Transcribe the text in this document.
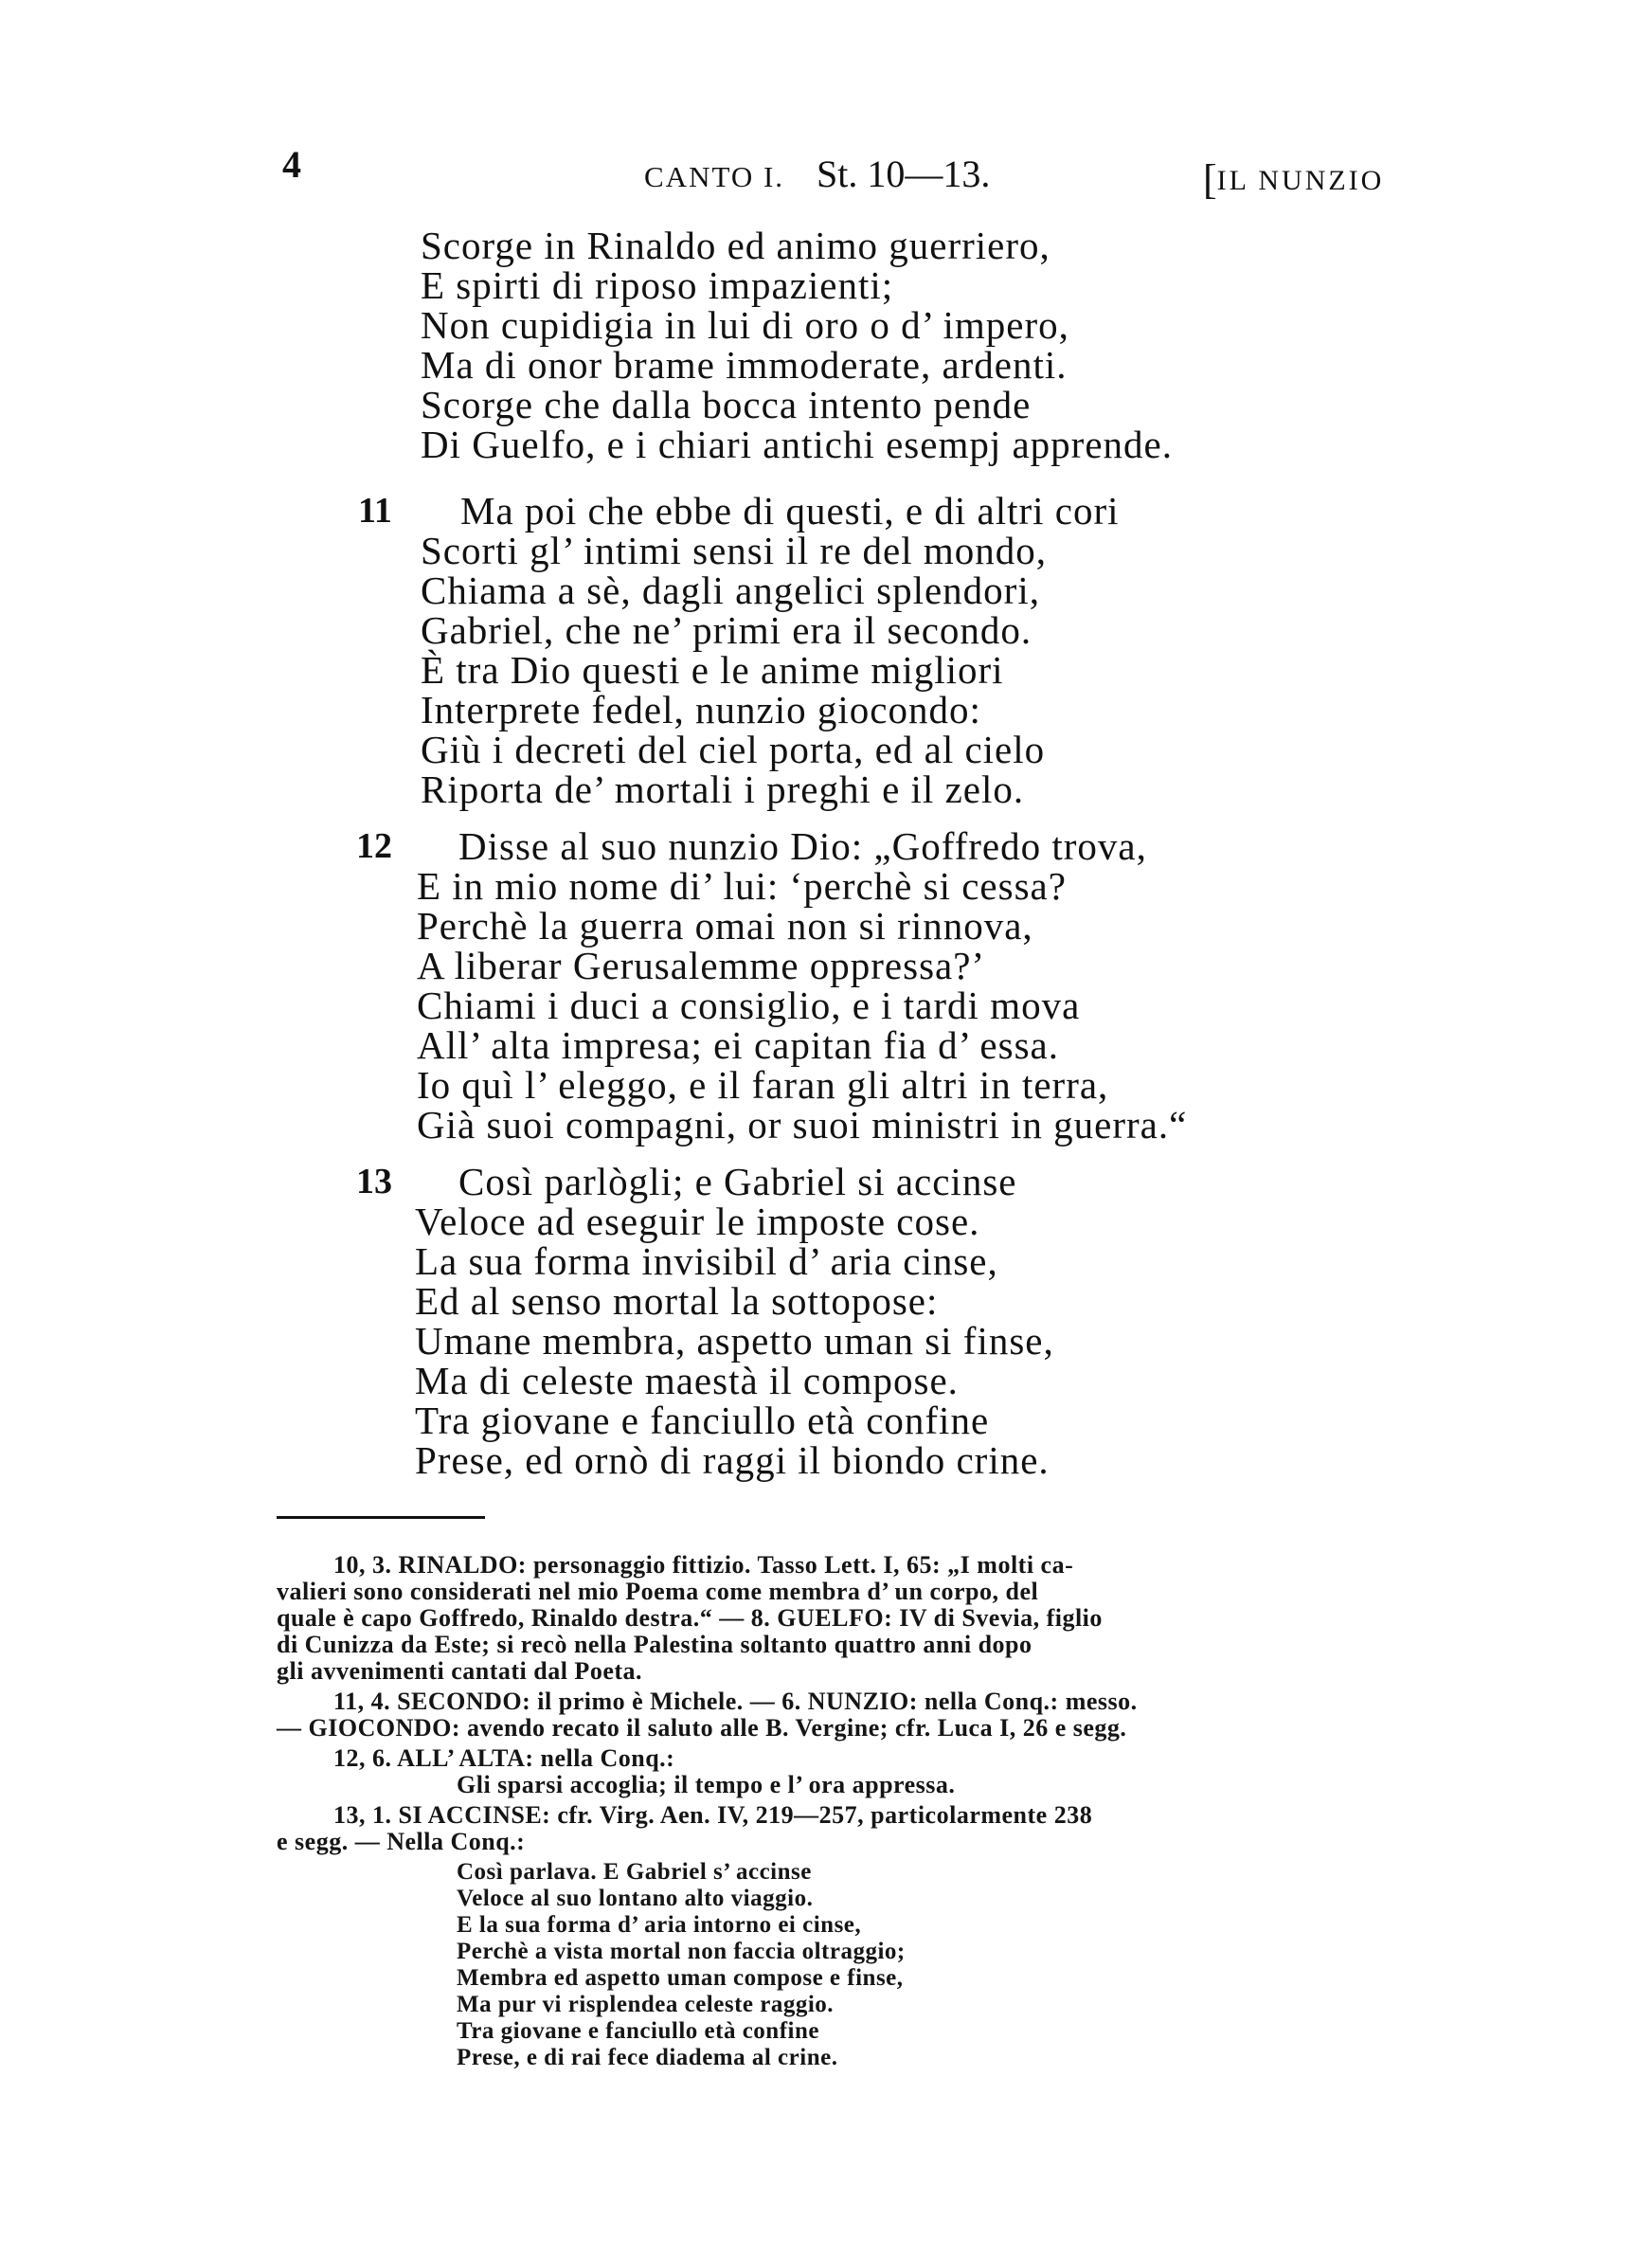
4	CANTO I. St. 10—13.	[IL NUNZIO
Scorge in Rinaldo ed animo guerriero,
E spirti di riposo impazienti;
Non cupidigia in lui di oro o d’ impero,
Ma di onor brame immoderate, ardenti.
Scorge che dalla bocca intento pende
Di Guelfo, e i chiari antichi esempj apprende.
11 Ma poi che ebbe di questi, e di altri cori
Scorti gl’ intimi sensi il re del mondo,
Chiama a sè, dagli angelici splendori,
Gabriel, che ne’ primi era il secondo.
È tra Dio questi e le anime migliori
Interprete fedel, nunzio giocondo:
Giù i decreti del ciel porta, ed al cielo
Riporta de’ mortali i preghi e il zelo.
12 Disse al suo nunzio Dio: „Goffredo trova,
E in mio nome di’ lui: ‘perchè si cessa?
Perchè la guerra omai non si rinnova,
A liberar Gerusalemme oppressa?’
Chiami i duci a consiglio, e i tardi mova
All’ alta impresa; ei capitan fia d’ essa.
Io quì l’ eleggo, e il faran gli altri in terra,
Già suoi compagni, or suoi ministri in guerra.“
13 Così parlògli; e Gabriel si accinse
Veloce ad eseguir le imposte cose.
La sua forma invisibil d’ aria cinse,
Ed al senso mortal la sottopose:
Umane membra, aspetto uman si finse,
Ma di celeste maestà il compose.
Tra giovane e fanciullo età confine
Prese, ed ornò di raggi il biondo crine.
10, 3. RINALDO: personaggio fittizio. Tasso Lett. I, 65: „I molti ca-
valieri sono considerati nel mio Poema come membra d’ un corpo, del
quale è capo Goffredo, Rinaldo destra.“ — 8. GUELFO: IV di Svevia, figlio
di Cunizza da Este; si recò nella Palestina soltanto quattro anni dopo
gli avvenimenti cantati dal Poeta.
11, 4. SECONDO: il primo è Michele. — 6. NUNZIO: nella Conq.: messo.
— GIOCONDO: avendo recato il saluto alle B. Vergine; cfr. Luca I, 26 e segg.
12, 6. ALL’ ALTA: nella Conq.:
Gli sparsi accoglia; il tempo e l’ ora appressa.
13, 1. SI ACCINSE: cfr. Virg. Aen. IV, 219—257, particolarmente 238
e segg. — Nella Conq.:
Così parlava. E Gabriel s’ accinse
Veloce al suo lontano alto viaggio.
E la sua forma d’ aria intorno ei cinse,
Perchè a vista mortal non faccia oltraggio;
Membra ed aspetto uman compose e finse,
Ma pur vi risplendea celeste raggio.
Tra giovane e fanciullo età confine
Prese, e di rai fece diadema al crine.
